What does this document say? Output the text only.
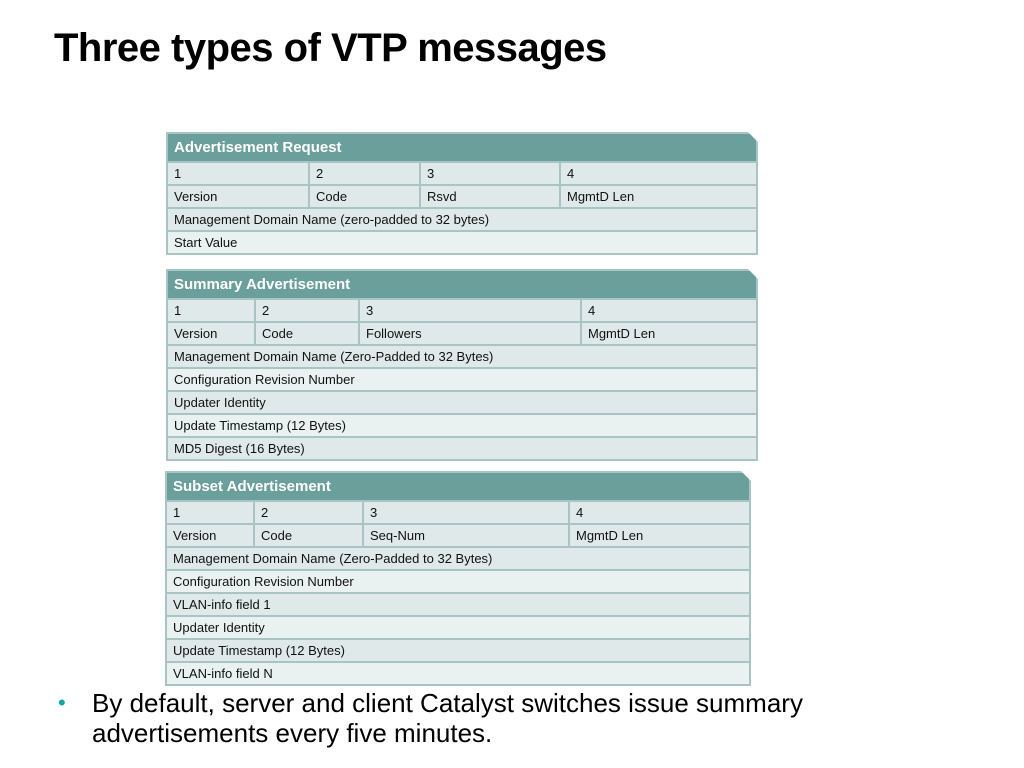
Three types of VTP messages
Advertisement Request
1	2	3	4
Version	Code	Rsvd	MgmtD Len
Management Domain Name (zero-padded to 32 bytes)
Start Value
Summary Advertisement
1	2	3	4
Version	Code	Followers	MgmtD Len
Management Domain Name (Zero-Padded to 32 Bytes)
Configuration Revision Number
Updater Identity
Update Timestamp (12 Bytes)
MD5 Digest (16 Bytes)
Subset Advertisement
1	2	3	4
Version	Code	Seq-Num	MgmtD Len
Management Domain Name (Zero-Padded to 32 Bytes)
Configuration Revision Number
VLAN-info field 1
Updater Identity
Update Timestamp (12 Bytes)
VLAN-info field N
• By default, server and client Catalyst switches issue summary advertisements every five minutes.
